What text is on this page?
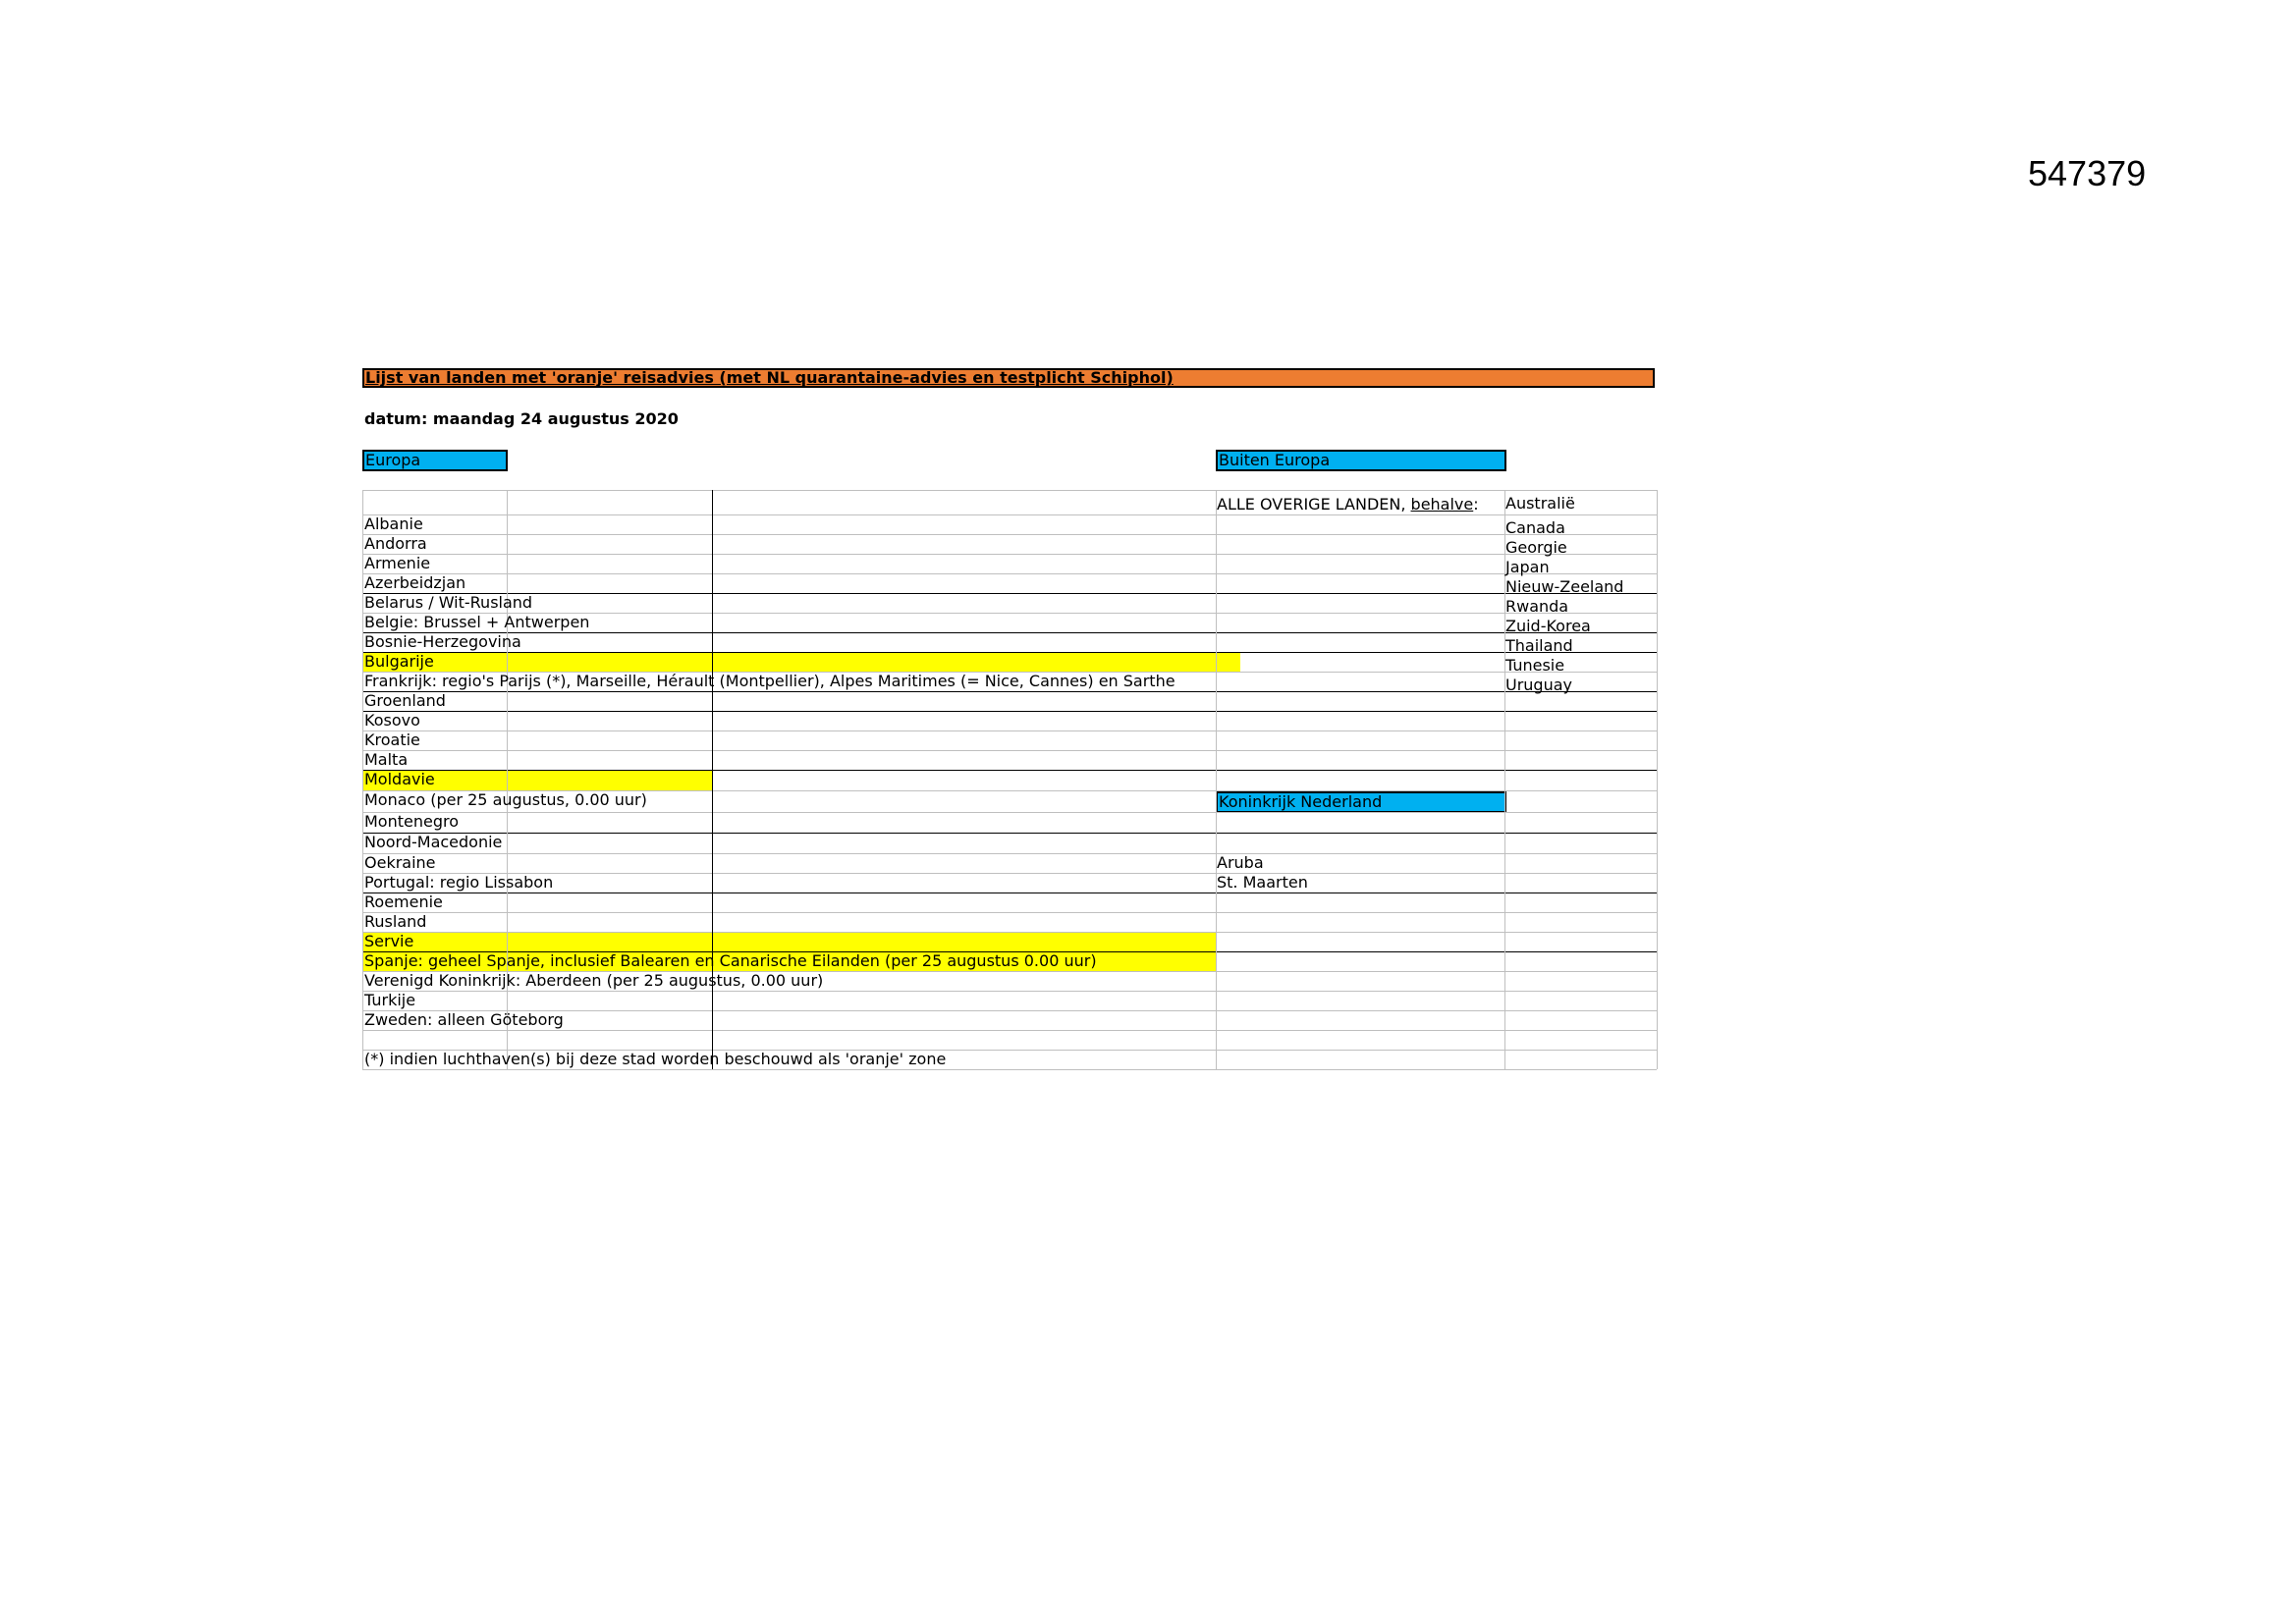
547379
Lijst van landen met 'oranje' reisadvies (met NL quarantaine-advies en testplicht Schiphol)
datum: maandag 24 augustus 2020
Europa	Buiten Europa
Koninkrijk Nederland
Albanie
Andorra
Armenie
Azerbeidzjan
Belarus / Wit-Rusland
Belgie: Brussel + Antwerpen
Bosnie-Herzegovina
Bulgarije
Frankrijk: regio's Parijs (*), Marseille, Hérault (Montpellier), Alpes Maritimes (= Nice, Cannes) en Sarthe
Groenland
Kosovo
Kroatie
Malta
Moldavie
Monaco (per 25 augustus, 0.00 uur)
Montenegro
Noord-Macedonie
Oekraine
Portugal: regio Lissabon
Roemenie
Rusland
Servie
Spanje: geheel Spanje, inclusief Balearen en Canarische Eilanden (per 25 augustus 0.00 uur)
Verenigd Koninkrijk: Aberdeen (per 25 augustus, 0.00 uur)
Turkije
Zweden: alleen Göteborg
Australië
Canada
Georgie
Japan
Nieuw-Zeeland
Rwanda
Zuid-Korea
Thailand
Tunesie
Uruguay
Aruba
St. Maarten
(*) indien luchthaven(s) bij deze stad worden beschouwd als 'oranje' zone
ALLE OVERIGE LANDEN, behalve:
